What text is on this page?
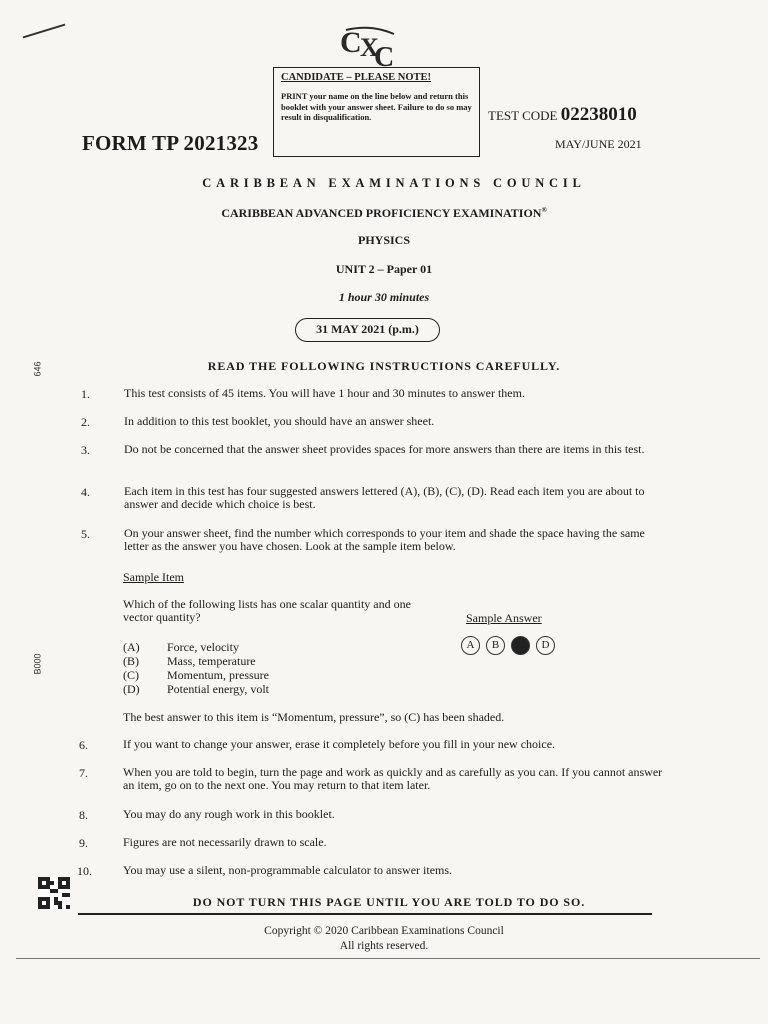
C
X
C
CANDIDATE – PLEASE NOTE!
PRINT your name on the line below and return this booklet with your answer sheet. Failure to do so may result in disqualification.
FORM TP 2021323
TEST CODE 02238010
MAY/JUNE 2021
CARIBBEAN EXAMINATIONS COUNCIL
CARIBBEAN ADVANCED PROFICIENCY EXAMINATION®
PHYSICS
UNIT 2 – Paper 01
1 hour 30 minutes
31 MAY 2021 (p.m.)
READ THE FOLLOWING INSTRUCTIONS CAREFULLY.
646
B000
1.	This test consists of 45 items. You will have 1 hour and 30 minutes to answer them.
2.	In addition to this test booklet, you should have an answer sheet.
3.	Do not be concerned that the answer sheet provides spaces for more answers than there are items in this test.
4.	Each item in this test has four suggested answers lettered (A), (B), (C), (D). Read each item you are about to answer and decide which choice is best.
5.	On your answer sheet, find the number which corresponds to your item and shade the space having the same letter as the answer you have chosen. Look at the sample item below.
Sample Item
Which of the following lists has one scalar quantity and one vector quantity?	Sample Answer
A	B	C	D
(A) Force, velocity
(B) Mass, temperature
(C) Momentum, pressure
(D) Potential energy, volt
The best answer to this item is “Momentum, pressure”, so (C) has been shaded.
6.	If you want to change your answer, erase it completely before you fill in your new choice.
7.	When you are told to begin, turn the page and work as quickly and as carefully as you can. If you cannot answer an item, go on to the next one. You may return to that item later.
8.	You may do any rough work in this booklet.
9.	Figures are not necessarily drawn to scale.
10.	You may use a silent, non-programmable calculator to answer items.
DO NOT TURN THIS PAGE UNTIL YOU ARE TOLD TO DO SO.
Copyright © 2020 Caribbean Examinations Council
All rights reserved.
